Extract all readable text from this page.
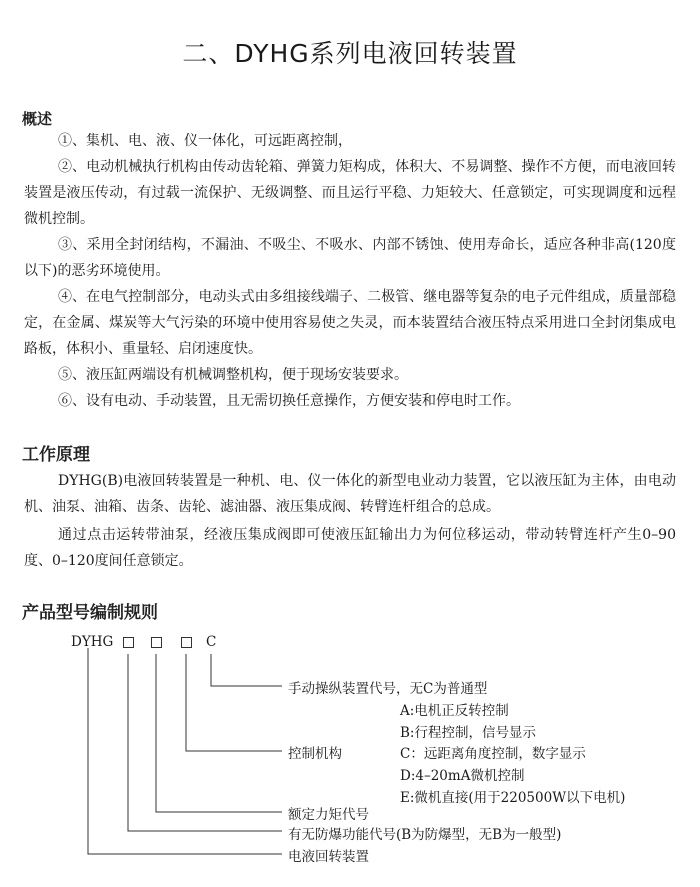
二、DYHG系列电液回转装置
概述
①、集机、电、液、仪一体化，可远距离控制，
②、电动机械执行机构由传动齿轮箱、弹簧力矩构成，体积大、不易调整、操作不方便，而电液回转装置是液压传动，有过载一流保护、无级调整、而且运行平稳、力矩较大、任意锁定，可实现调度和远程微机控制。
③、采用全封闭结构，不漏油、不吸尘、不吸水、内部不锈蚀、使用寿命长，适应各种非高(120度以下)的恶劣环境使用。
④、在电气控制部分，电动头式由多组接线端子、二极管、继电器等复杂的电子元件组成，质量部稳定，在金属、煤炭等大气污染的环境中使用容易使之失灵，而本装置结合液压特点采用进口全封闭集成电路板，体积小、重量轻、启闭速度快。
⑤、液压缸两端设有机械调整机构，便于现场安装要求。
⑥、设有电动、手动装置，且无需切换任意操作，方便安装和停电时工作。
工作原理
DYHG(B)电液回转装置是一种机、电、仪一体化的新型电业动力装置，它以液压缸为主体，由电动机、油泵、油箱、齿条、齿轮、滤油器、液压集成阀、转臂连杆组合的总成。
通过点击运转带油泵，经液压集成阀即可使液压缸输出力为何位移运动，带动转臂连杆产生0–90度、0–120度间任意锁定。
产品型号编制规则
DYHG	C
手动操纵装置代号，无C为普通型
A:电机正反转控制
B:行程控制，信号显示
控制机构	C：远距离角度控制，数字显示
D:4–20mA微机控制
E:微机直接(用于220500W以下电机)
额定力矩代号
有无防爆功能代号(B为防爆型，无B为一般型)
电液回转装置
